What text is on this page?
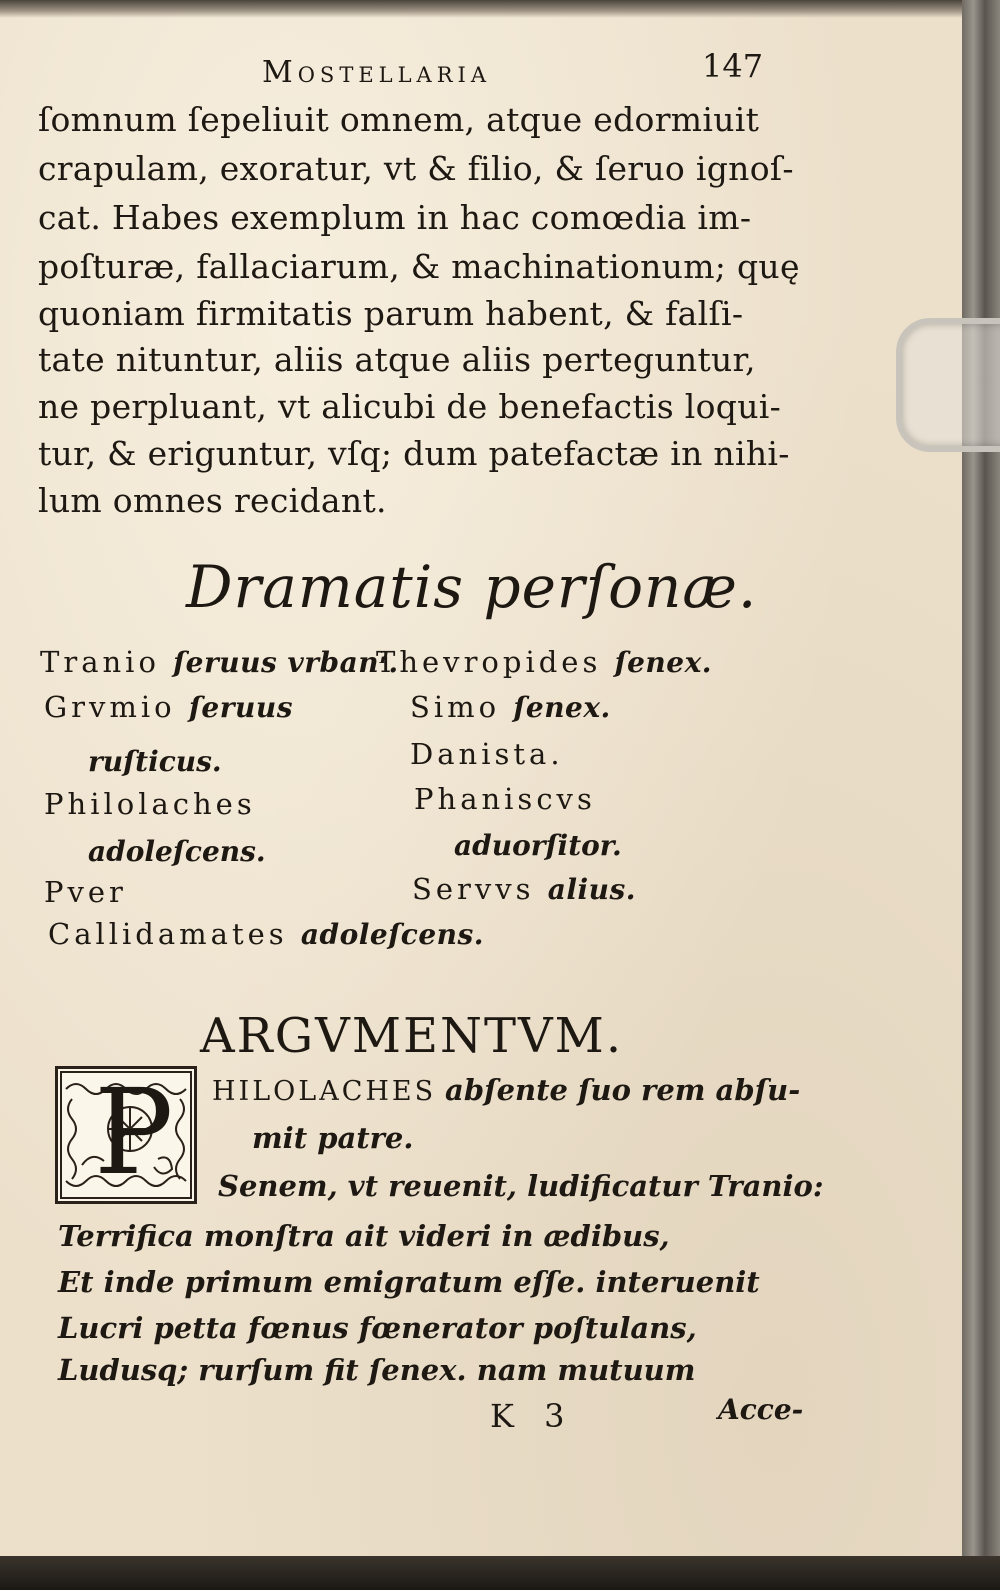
Mostellaria	147
ſomnum ſepeliuit omnem, atque edormiuit
crapulam, exoratur, vt & filio, & ſeruo ignoſ-
cat. Habes exemplum in hac comœdia im-
poſturæ, fallaciarum, & machinationum; quę
quoniam firmitatis parum habent, & falſi-
tate nituntur, aliis atque aliis perteguntur,
ne perpluant, vt alicubi de benefactis loqui-
tur, & eriguntur, vſq; dum patefactæ in nihi-
lum omnes recidant.
Dramatis perſonæ.
Tranio ſeruus vrbanˀ.
Grvmio ſeruus
ruſticus.
Philolaches
adoleſcens.
Pver
Callidamates adoleſcens.
Thevropides ſenex.
Simo ſenex.
Danista.
Phaniscvs
aduorſitor.
Servvs alius.
ARGVMENTVM.
P HILOLACHES abſente ſuo rem abſu-
mit patre.
Senem, vt reuenit, ludificatur Tranio:
Terrifica monſtra ait videri in ædibus,
Et inde primum emigratum eſſe. interuenit
Lucri petta fœnus fœnerator poſtulans,
Ludusq; rurſum fit ſenex. nam mutuum
K 3	Acce-
